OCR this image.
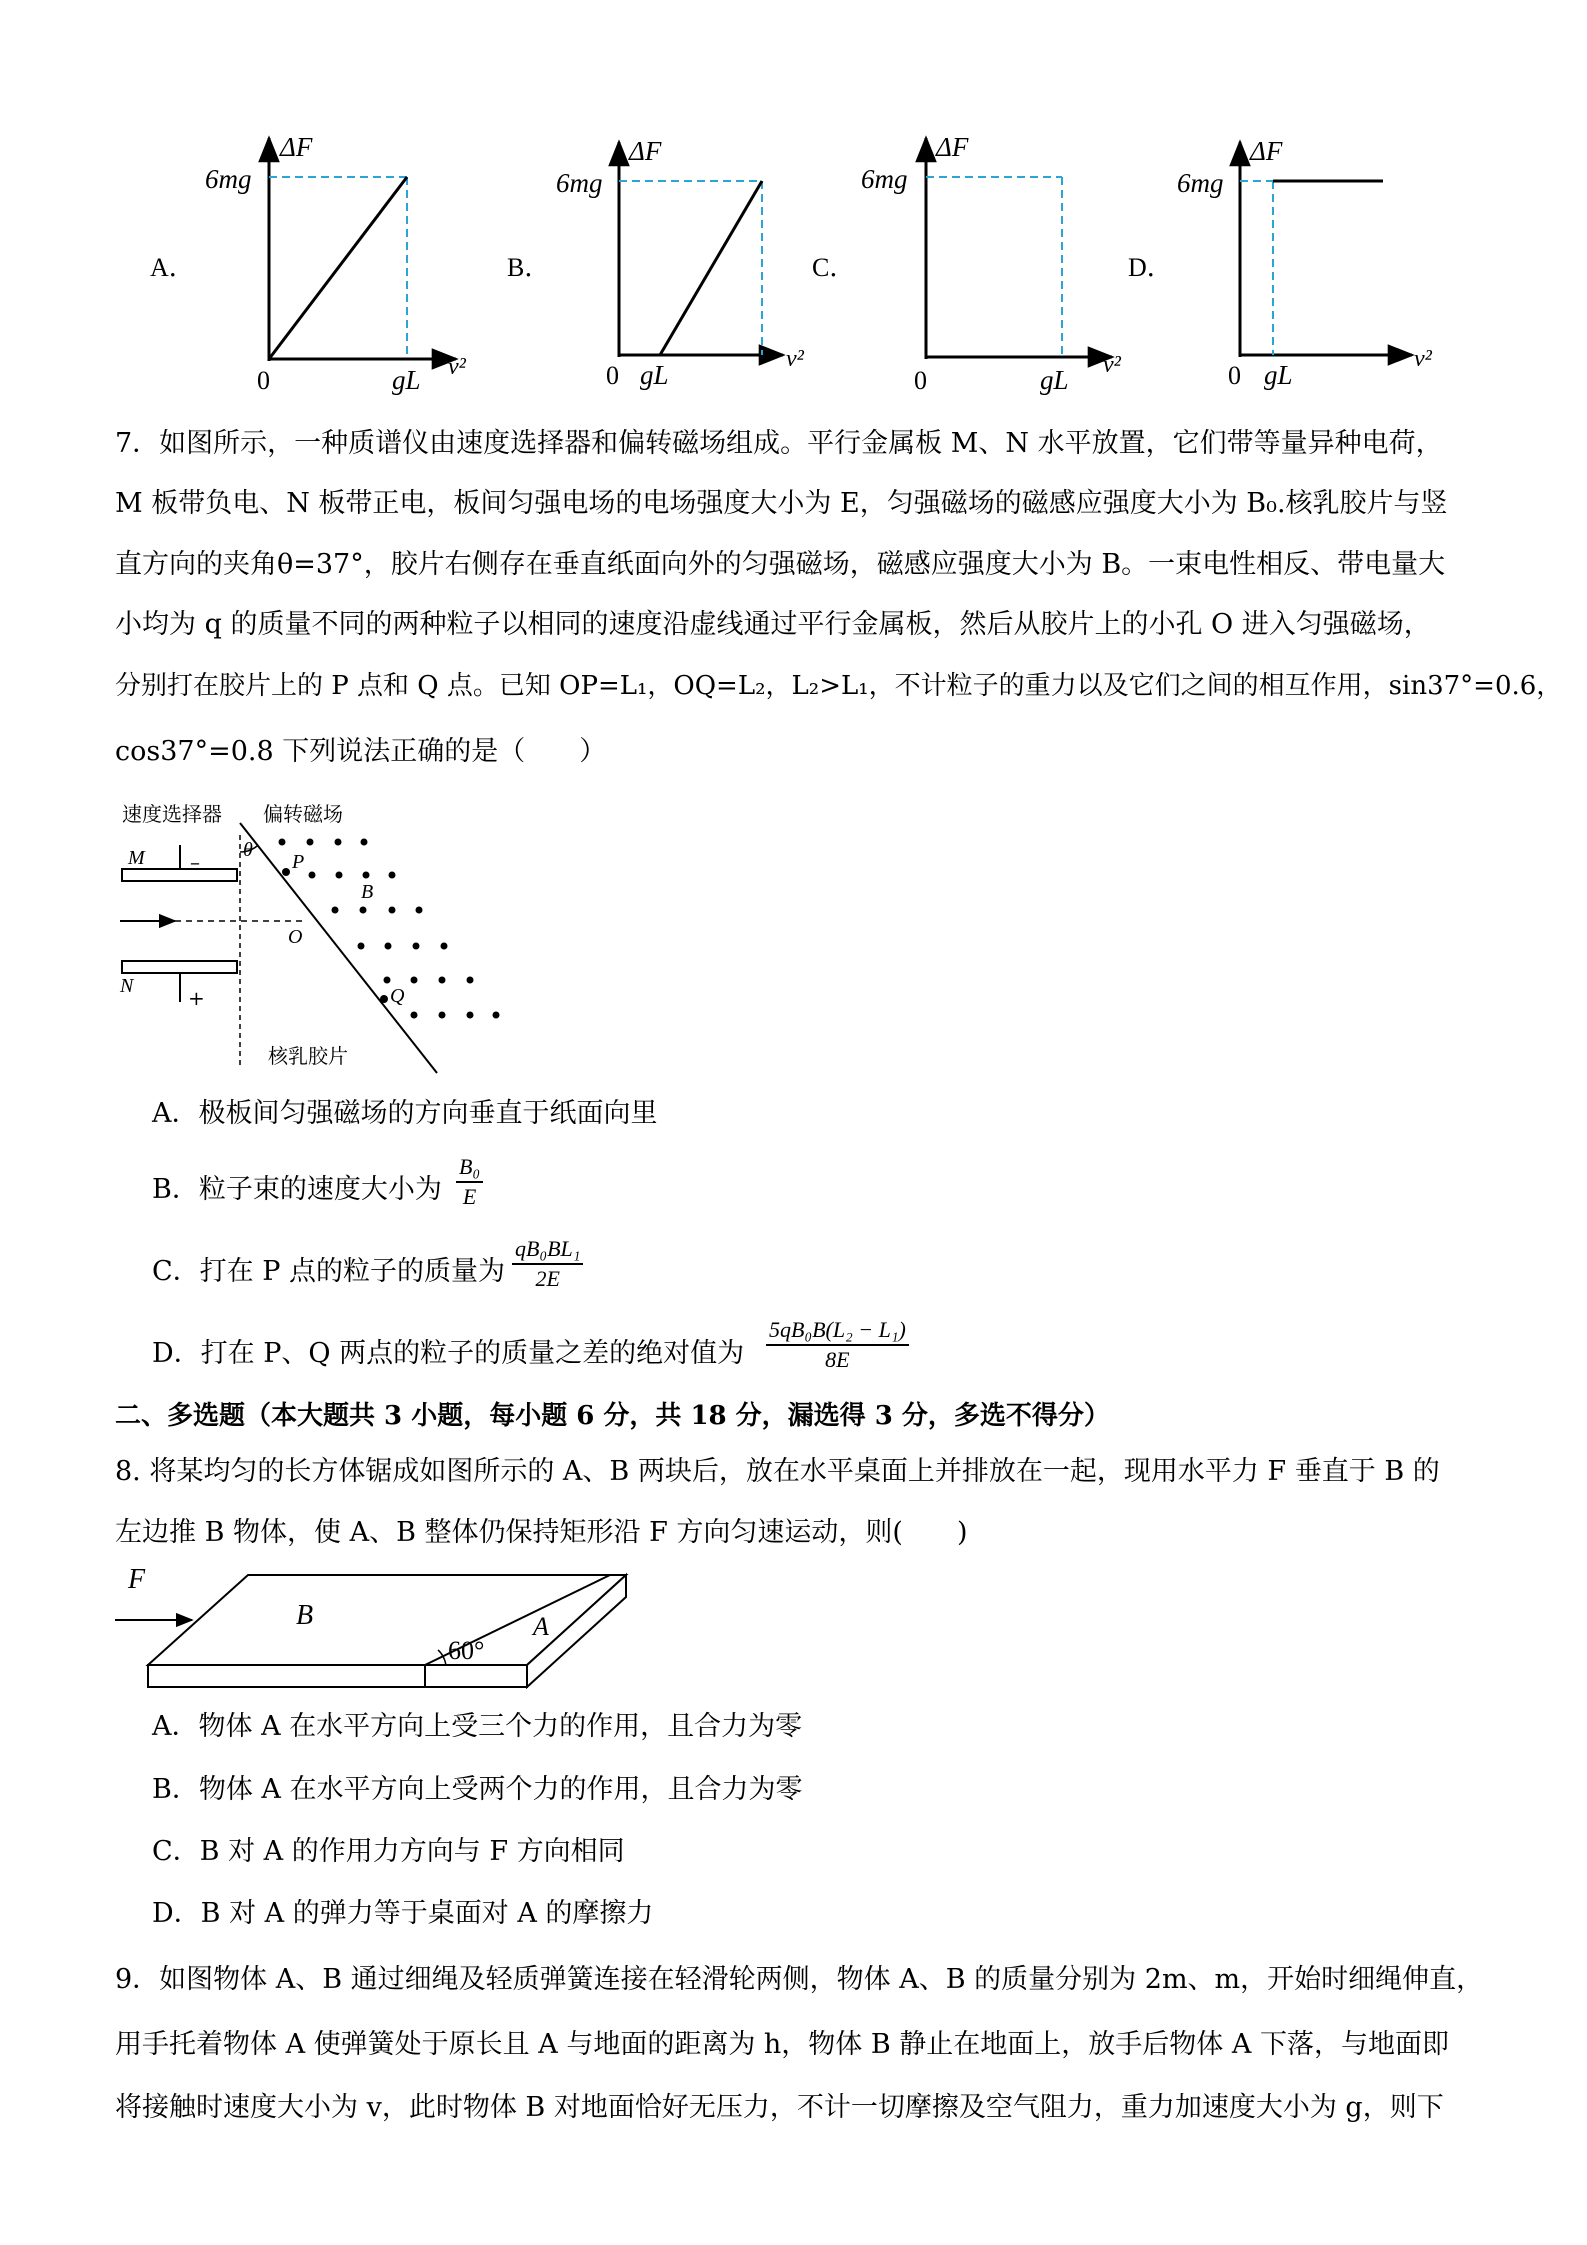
A．
ΔF
6mg
0	gL v²
B．
ΔF
6mg
0 gL
v²
C．
ΔF
6mg
0	gL v²
D．
ΔF
6mg
0 gL
v²
速度选择器 偏转磁场
核乳胶片
M
N
–
+
θ
P
B
O
Q
7．如图所示，一种质谱仪由速度选择器和偏转磁场组成。平行金属板 M、N 水平放置，它们带等量异种电荷，
M 板带负电、N 板带正电，板间匀强电场的电场强度大小为 E，匀强磁场的磁感应强度大小为 B₀.核乳胶片与竖
直方向的夹角θ=37°，胶片右侧存在垂直纸面向外的匀强磁场，磁感应强度大小为 B。一束电性相反、带电量大
小均为 q 的质量不同的两种粒子以相同的速度沿虚线通过平行金属板，然后从胶片上的小孔 O 进入匀强磁场，
分别打在胶片上的 P 点和 Q 点。已知 OP=L₁，OQ=L₂，L₂>L₁，不计粒子的重力以及它们之间的相互作用，sin37°=0.6，
cos37°=0.8 下列说法正确的是（　　）
A．极板间匀强磁场的方向垂直于纸面向里
B．粒子束的速度大小为 $\frac{\text{B₀}}{E}$
C．打在 P 点的粒子的质量为 $\frac{\text{qB₀BL₁}}{2E}$
D．打在 P、Q 两点的粒子的质量之差的绝对值为 $\frac{\text{5qB₀B(L₂ − L₁)}}{8E}$
二、多选题（本大题共 3 小题，每小题 6 分，共 18 分，漏选得 3 分，多选不得分）
8. 将某均匀的长方体锯成如图所示的 A、B 两块后，放在水平桌面上并排放在一起，现用水平力 F 垂直于 B 的
左边推 B 物体，使 A、B 整体仍保持矩形沿 F 方向匀速运动，则(　　)
F
B	A
60°
A．物体 A 在水平方向上受三个力的作用，且合力为零
B．物体 A 在水平方向上受两个力的作用，且合力为零
C．B 对 A 的作用力方向与 F 方向相同
D．B 对 A 的弹力等于桌面对 A 的摩擦力
9．如图物体 A、B 通过细绳及轻质弹簧连接在轻滑轮两侧，物体 A、B 的质量分别为 2m、m，开始时细绳伸直，
用手托着物体 A 使弹簧处于原长且 A 与地面的距离为 h，物体 B 静止在地面上，放手后物体 A 下落，与地面即
将接触时速度大小为 v，此时物体 B 对地面恰好无压力，不计一切摩擦及空气阻力，重力加速度大小为 g，则下
